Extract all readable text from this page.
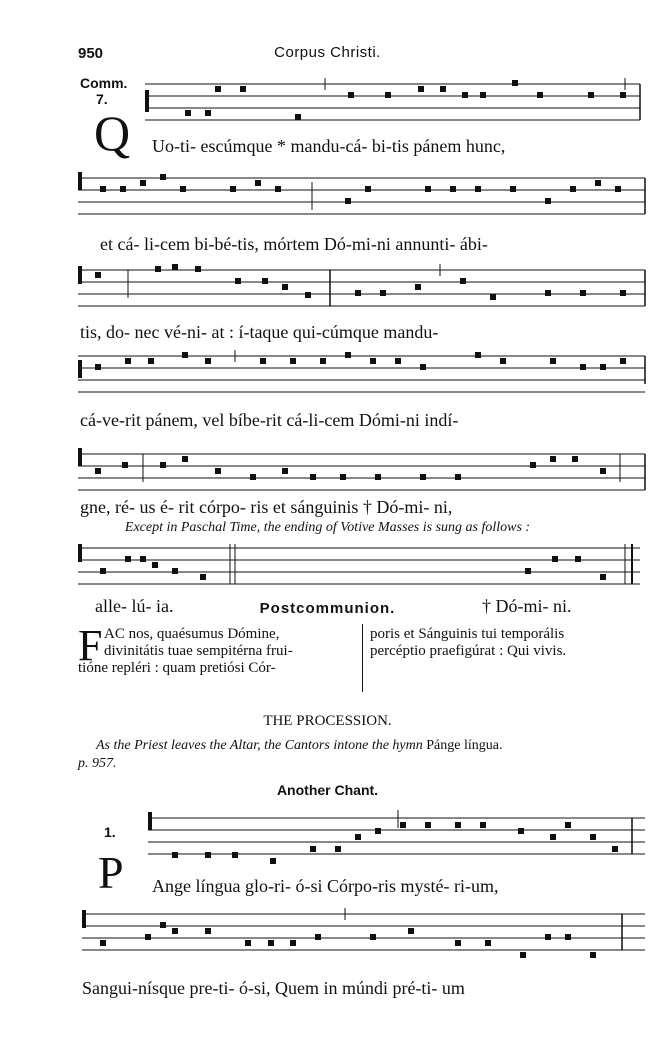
950	Corpus Christi.
Comm.
7.
Q Uo-ti- escúmque * mandu-cá- bi-tis pánem hunc,
et cá- li-cem bi-bé-tis, mórtem Dó-mi-ni annunti- ábi-
tis, do- nec vé-ni- at : í-taque qui-cúmque mandu-
cá-ve-rit pánem, vel bíbe-rit cá-li-cem Dómi-ni indí-
gne, ré- us é- rit córpo- ris et sánguinis † Dó-mi- ni,
Except in Paschal Time, the ending of Votive Masses is sung as follows :
alle- lú- ia.	† Dó-mi- ni.
Postcommunion.
F AC nos, quaésumus Dómine,
divinitátis tuae sempitérna frui-
tióne repléri : quam pretiósi Cór-
poris et Sánguinis tui temporális
percéptio praefigúrat : Qui vivis.
THE PROCESSION.
As the Priest leaves the Altar, the Cantors intone the hymn Pánge língua.
p. 957.
Another Chant.
1.
P Ange língua glo-ri- ó-si Córpo-ris mysté- ri-um,
Sangui-nísque pre-ti- ó-si, Quem in múndi pré-ti- um
